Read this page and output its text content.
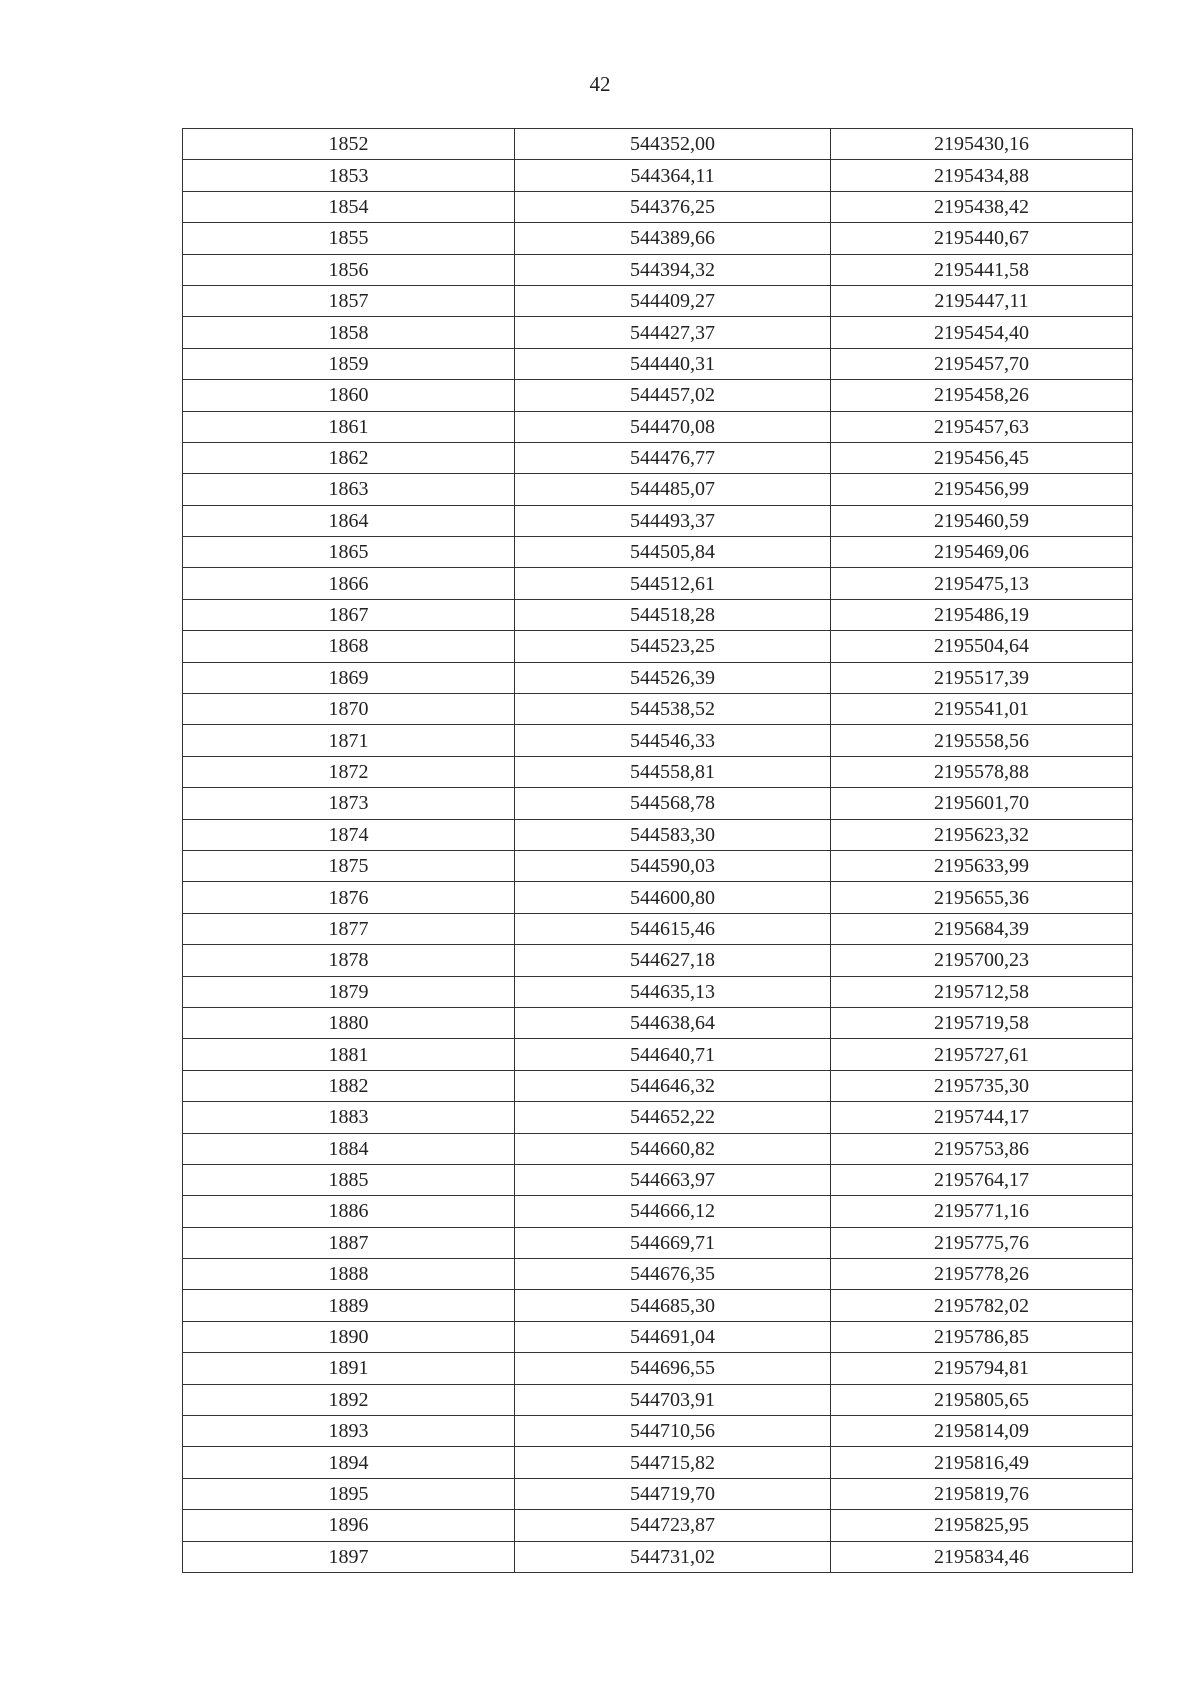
42
1852	544352,00	2195430,16
1853	544364,11	2195434,88
1854	544376,25	2195438,42
1855	544389,66	2195440,67
1856	544394,32	2195441,58
1857	544409,27	2195447,11
1858	544427,37	2195454,40
1859	544440,31	2195457,70
1860	544457,02	2195458,26
1861	544470,08	2195457,63
1862	544476,77	2195456,45
1863	544485,07	2195456,99
1864	544493,37	2195460,59
1865	544505,84	2195469,06
1866	544512,61	2195475,13
1867	544518,28	2195486,19
1868	544523,25	2195504,64
1869	544526,39	2195517,39
1870	544538,52	2195541,01
1871	544546,33	2195558,56
1872	544558,81	2195578,88
1873	544568,78	2195601,70
1874	544583,30	2195623,32
1875	544590,03	2195633,99
1876	544600,80	2195655,36
1877	544615,46	2195684,39
1878	544627,18	2195700,23
1879	544635,13	2195712,58
1880	544638,64	2195719,58
1881	544640,71	2195727,61
1882	544646,32	2195735,30
1883	544652,22	2195744,17
1884	544660,82	2195753,86
1885	544663,97	2195764,17
1886	544666,12	2195771,16
1887	544669,71	2195775,76
1888	544676,35	2195778,26
1889	544685,30	2195782,02
1890	544691,04	2195786,85
1891	544696,55	2195794,81
1892	544703,91	2195805,65
1893	544710,56	2195814,09
1894	544715,82	2195816,49
1895	544719,70	2195819,76
1896	544723,87	2195825,95
1897	544731,02	2195834,46
